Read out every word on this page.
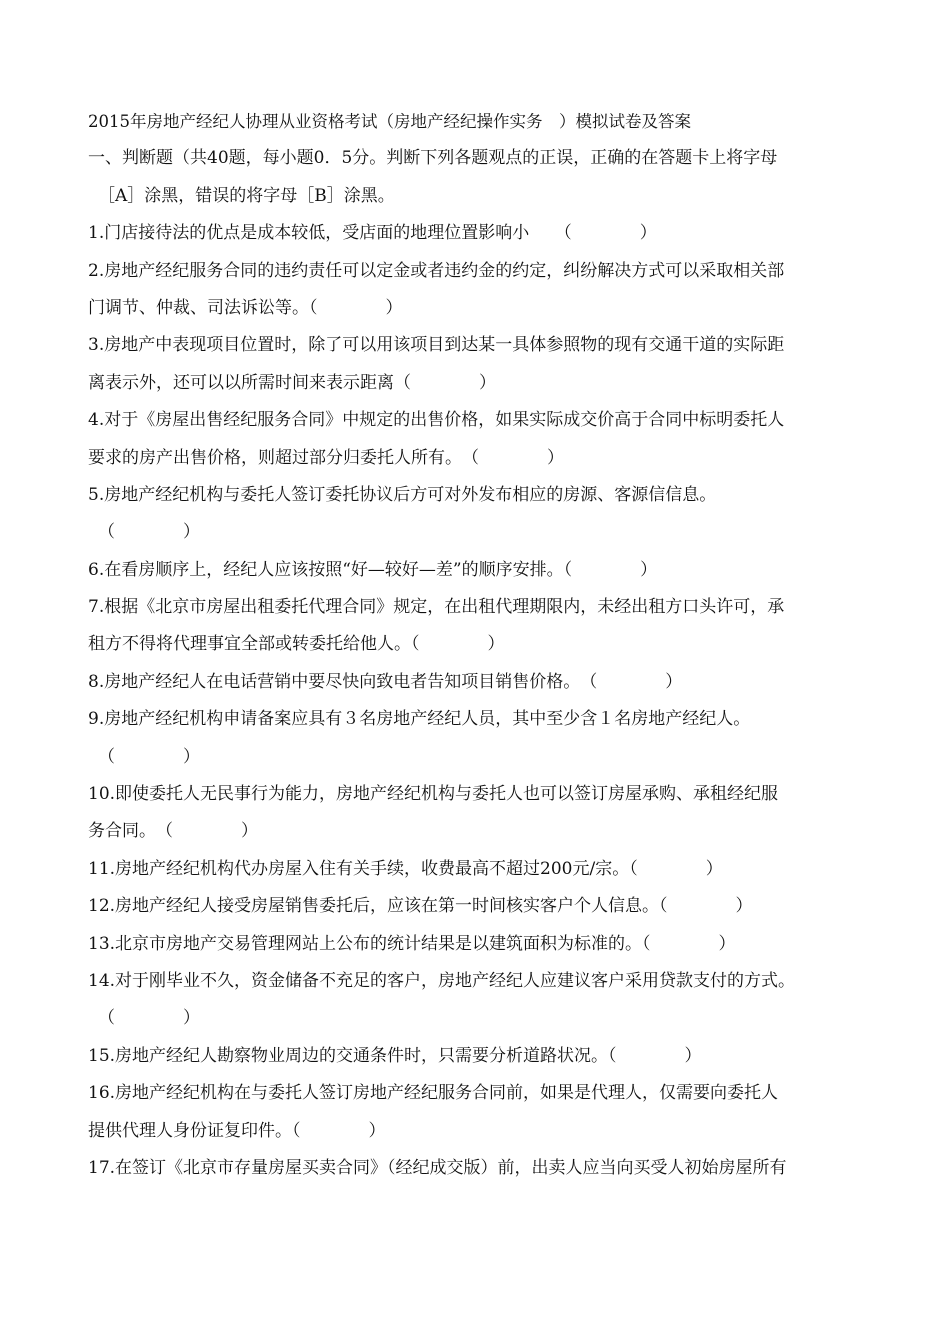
2015年房地产经纪人协理从业资格考试（房地产经纪操作实务　）模拟试卷及答案

一、判断题（共40题，每小题0．5分。判断下列各题观点的正误，正确的在答题卡上将字母

［A］涂黑，错误的将字母［B］涂黑。

1.门店接待法的优点是成本较低，受店面的地理位置影响小　　（　　　　）

2.房地产经纪服务合同的违约责任可以定金或者违约金的约定，纠纷解决方式可以采取相关部

门调节、仲裁、司法诉讼等。（　　　　）

3.房地产中表现项目位置时，除了可以用该项目到达某一具体参照物的现有交通干道的实际距

离表示外，还可以以所需时间来表示距离（　　　　）

4.对于《房屋出售经纪服务合同》中规定的出售价格，如果实际成交价高于合同中标明委托人

要求的房产出售价格，则超过部分归委托人所有。　（　　　　）

5.房地产经纪机构与委托人签订委托协议后方可对外发布相应的房源、客源信信息。

（　　　　）

6.在看房顺序上，经纪人应该按照“好—较好—差”的顺序安排。（　　　　）

7.根据《北京市房屋出租委托代理合同》规定，在出租代理期限内，未经出租方口头许可，承

租方不得将代理事宜全部或转委托给他人。（　　　　）

8.房地产经纪人在电话营销中要尽快向致电者告知项目销售价格。　（　　　　）

9.房地产经纪机构申请备案应具有３名房地产经纪人员，其中至少含１名房地产经纪人。

（　　　　）

10.即使委托人无民事行为能力，房地产经纪机构与委托人也可以签订房屋承购、承租经纪服

务合同。　（　　　　）

11.房地产经纪机构代办房屋入住有关手续，收费最高不超过200元/宗。（　　　　）

12.房地产经纪人接受房屋销售委托后，应该在第一时间核实客户个人信息。（　　　　）

13.北京市房地产交易管理网站上公布的统计结果是以建筑面积为标准的。（　　　　）

14.对于刚毕业不久，资金储备不充足的客户，房地产经纪人应建议客户采用贷款支付的方式。

（　　　　）

15.房地产经纪人勘察物业周边的交通条件时，只需要分析道路状况。（　　　　）

16.房地产经纪机构在与委托人签订房地产经纪服务合同前，如果是代理人，仅需要向委托人

提供代理人身份证复印件。（　　　　）

17.在签订《北京市存量房屋买卖合同》（经纪成交版）前，出卖人应当向买受人初始房屋所有
